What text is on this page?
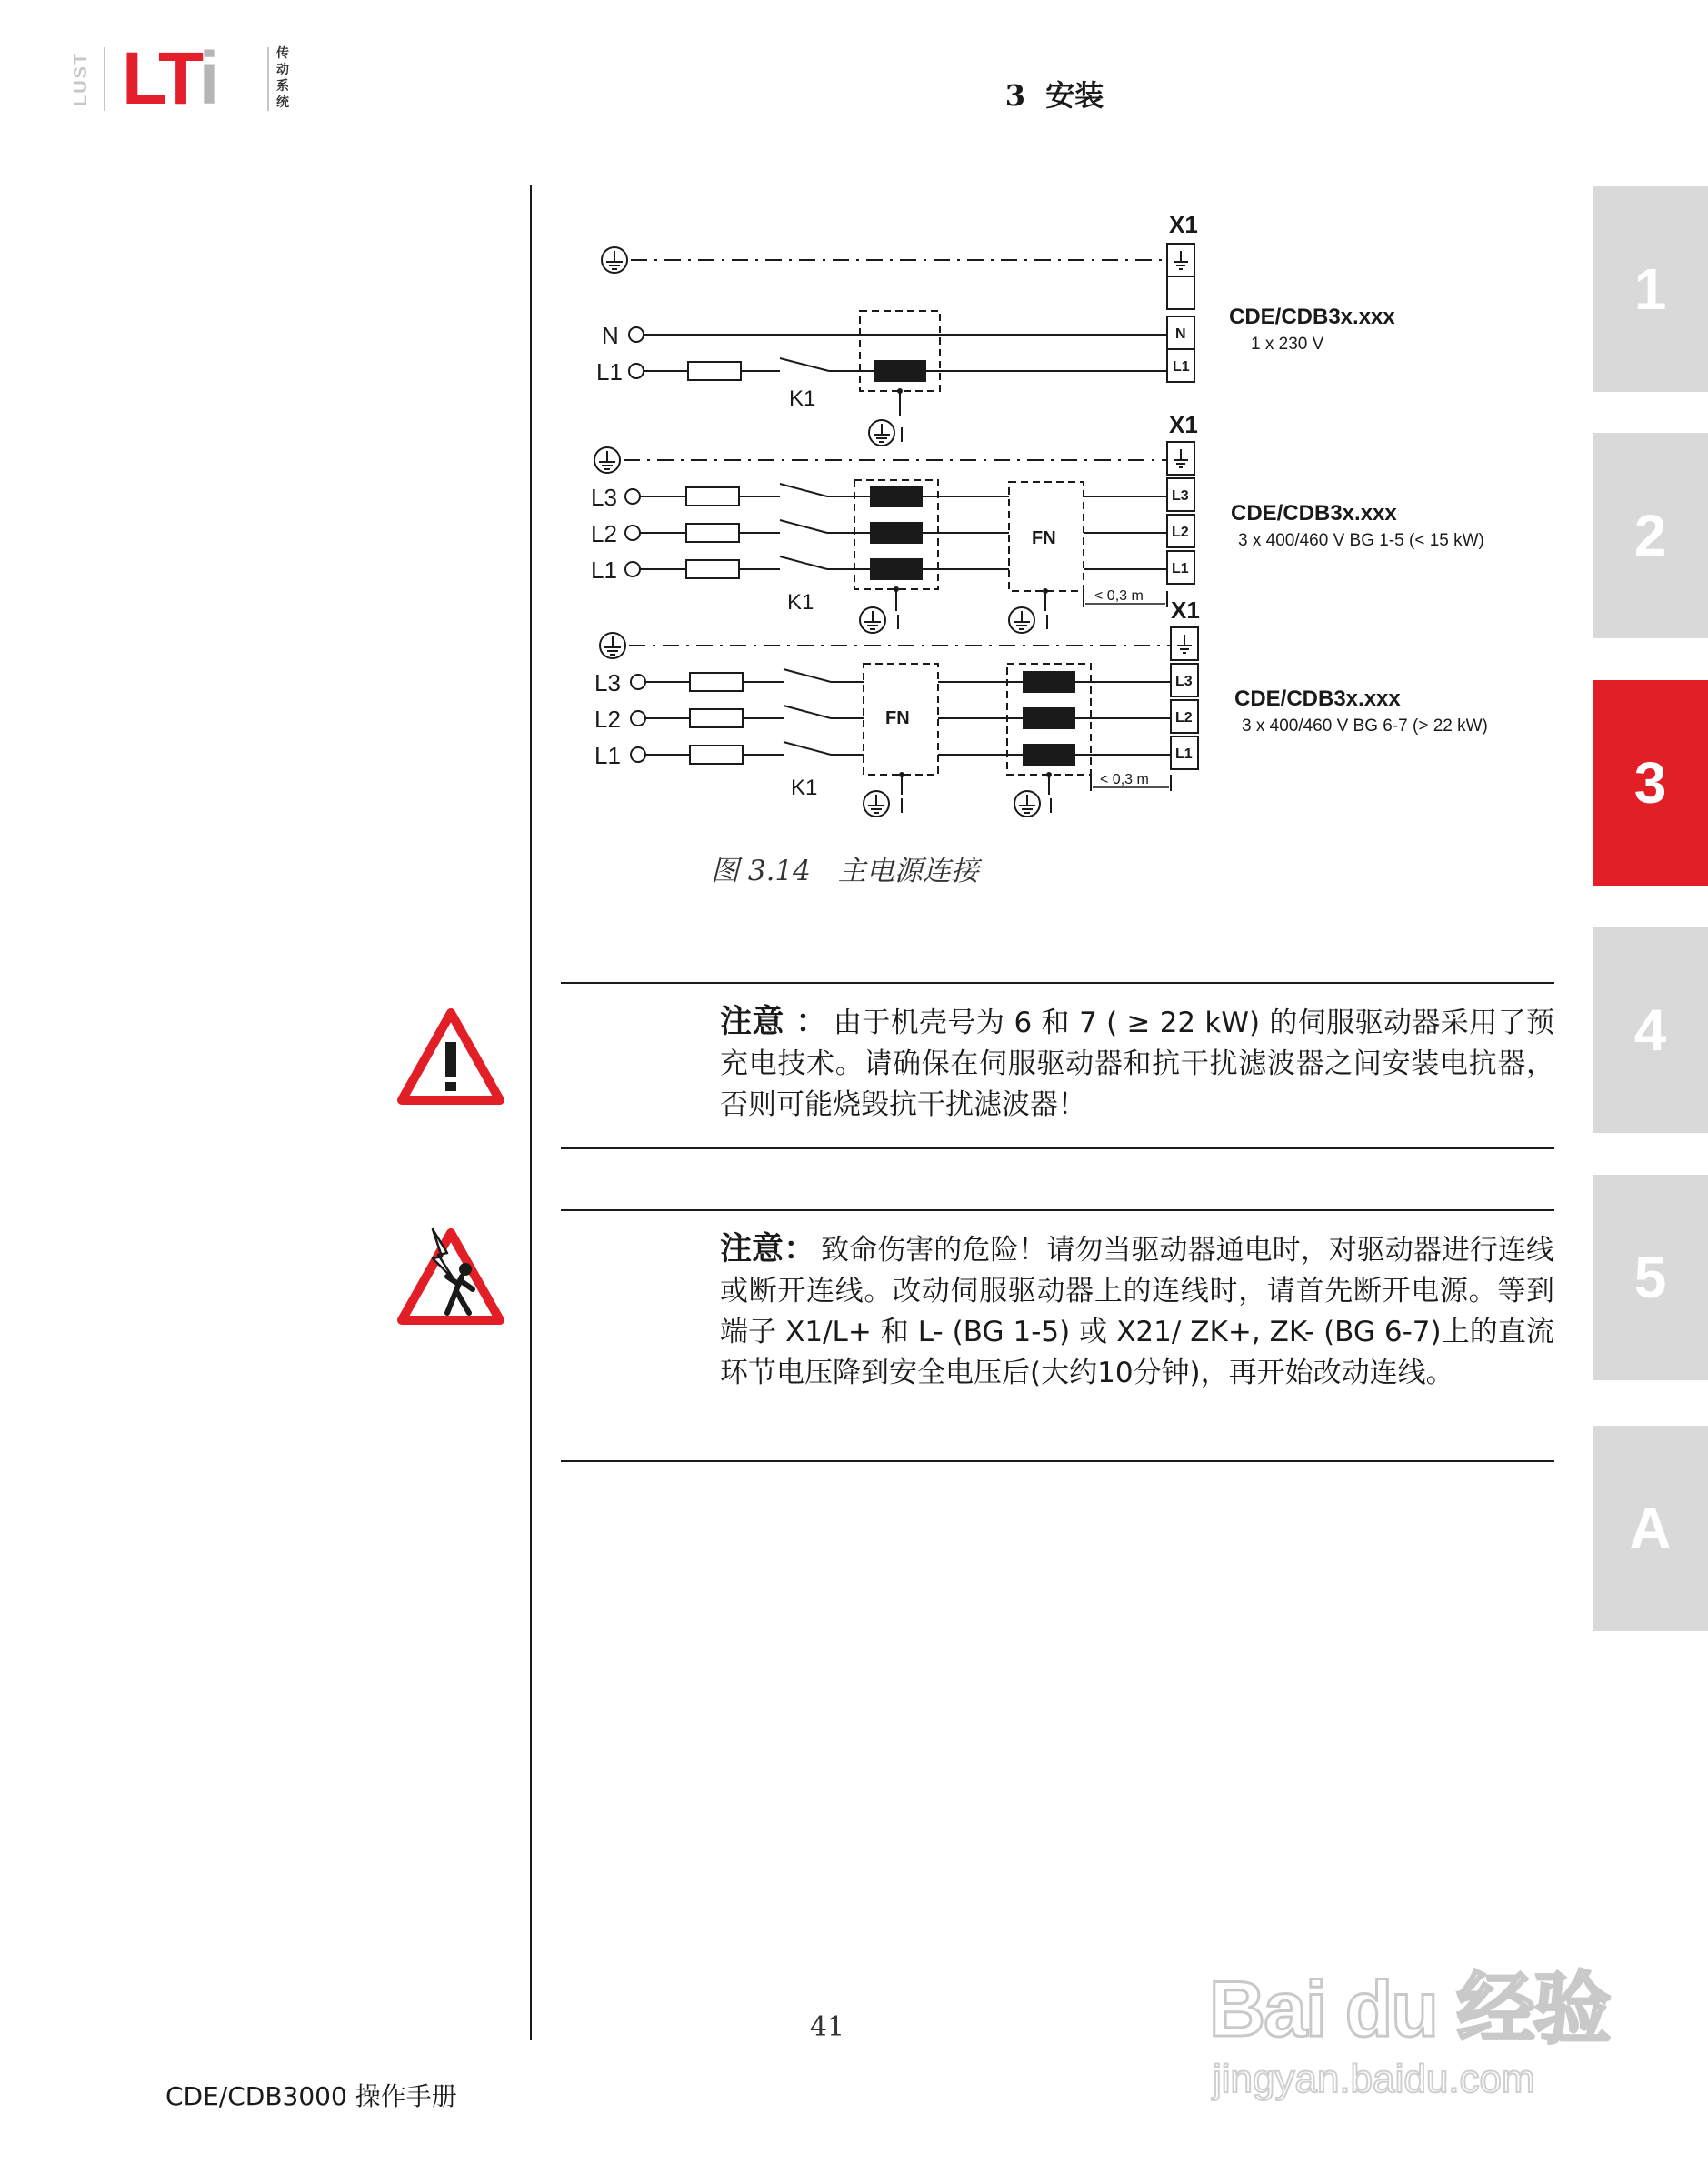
LUST LTi	传动系统	3 安装
1
2
3
4
5
A
X1
N
L1
N
L1
K1
CDE/CDB3x.xxx
1 x 230 V
X1
L3
L2
L1
L3
L2
L1
K1
FN
< 0,3 m
CDE/CDB3x.xxx
3 x 400/460 V BG 1-5 (< 15 kW)
X1
L3
L2
L1
L3
L2
L1
K1
FN
< 0,3 m
CDE/CDB3x.xxx
3 x 400/460 V BG 6-7 (> 22 kW)
图 3.14 主电源连接
注意 ： 由于机壳号为 6 和 7 ( ≥ 22 kW) 的伺服驱动器采用了预充电技术。请确保在伺服驱动器和抗干扰滤波器之间安装电抗器，否则可能烧毁抗干扰滤波器！
注意： 致命伤害的危险！请勿当驱动器通电时，对驱动器进行连线或断开连线。改动伺服驱动器上的连线时，请首先断开电源。等到端子 X1/L+ 和 L- (BG 1-5) 或 X21/ ZK+, ZK- (BG 6-7)上的直流环节电压降到安全电压后(大约10分钟)，再开始改动连线。
41
CDE/CDB3000 操作手册
Bai du 经验
jingyan.baidu.com
